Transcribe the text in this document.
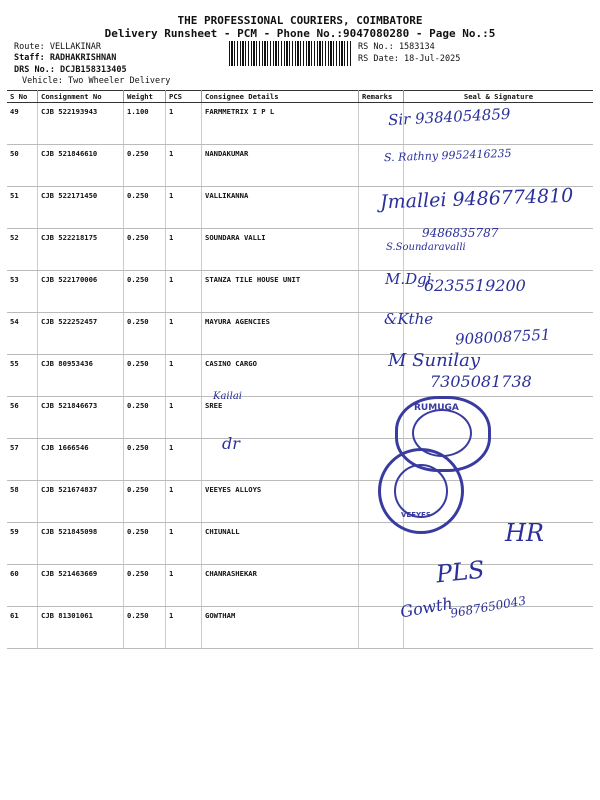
THE PROFESSIONAL COURIERS, COIMBATORE
Delivery Runsheet - PCM - Phone No.:9047080280 - Page No.:5
Route: VELLAKINAR
Staff: RADHAKRISHNAN
DRS No.: DCJB158313405
Vehicle: Two Wheeler Delivery
RS No.: 1583134
RS Date: 18-Jul-2025
S No	Consignment No	Weight	PCS	Consignee Details	Remarks	Seal & Signature
49	CJB 522193943	1.100	1	FARMMETRIX I P L		
50	CJB 521846610	0.250	1	NANDAKUMAR		
51	CJB 522171450	0.250	1	VALLIKANNA		
52	CJB 522218175	0.250	1	SOUNDARA VALLI		
53	CJB 522170006	0.250	1	STANZA TILE HOUSE UNIT		
54	CJB 522252457	0.250	1	MAYURA AGENCIES		
55	CJB 80953436	0.250	1	CASINO CARGO		
56	CJB 521846673	0.250	1	SREE		
57	CJB 1666546	0.250	1			
58	CJB 521674837	0.250	1	VEEYES ALLOYS		
59	CJB 521845098	0.250	1	CHIUNALL		
60	CJB 521463669	0.250	1	CHANRASHEKAR		
61	CJB 81301061	0.250	1	GOWTHAM		
Sir 9384054859
S. Rathny 9952416235
Jmallei 9486774810
9486835787
S.Soundaravalli
M.Dgi
6235519200
&Kthe
9080087551
M Sunilay
7305081738
Kailai
dr
HR
PLS
Gowth
9687650043
RUMUGA
VEEYES
